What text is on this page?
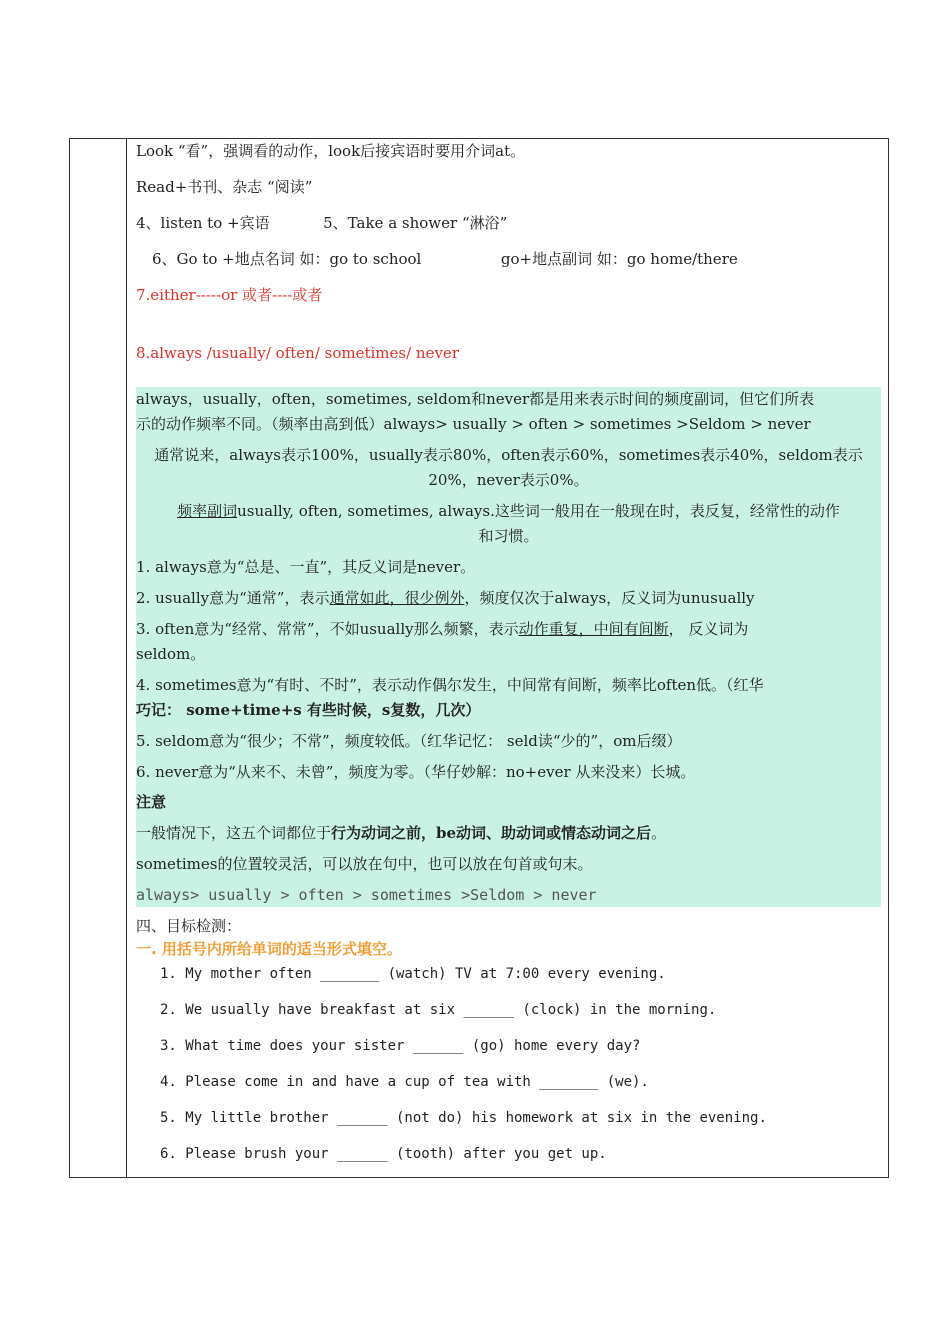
Look “看”，强调看的动作，look后接宾语时要用介词at。
Read+书刊、杂志 “阅读”
4、listen to +宾语	5、Take a shower “淋浴”
6、Go to +地点名词 如：go to school	go+地点副词 如：go home/there
7.either-----or 或者----或者
8.always /usually/ often/ sometimes/ never
always，usually，often，sometimes, seldom和never都是用来表示时间的频度副词，但它们所表
示的动作频率不同。（频率由高到低）always> usually > often > sometimes >Seldom > never
通常说来，always表示100%，usually表示80%，often表示60%，sometimes表示40%，seldom表示
20%，never表示0%。
频率副词usually, often, sometimes, always.这些词一般用在一般现在时，表反复，经常性的动作
和习惯。
1. always意为“总是、一直”，其反义词是never。
2. usually意为“通常”，表示通常如此，很少例外，频度仅次于always，反义词为unusually
3. often意为“经常、常常”，不如usually那么频繁，表示动作重复，中间有间断， 反义词为
seldom。
4. sometimes意为“有时、不时”，表示动作偶尔发生，中间常有间断，频率比often低。（红华
巧记： some+time+s 有些时候，s复数，几次）
5. seldom意为“很少；不常”，频度较低。（红华记忆： seld读“少的”，om后缀）
6. never意为“从来不、未曾”，频度为零。（华仔妙解：no+ever 从来没来）长城。
注意
一般情况下，这五个词都位于行为动词之前，be动词、助动词或情态动词之后。
sometimes的位置较灵活，可以放在句中，也可以放在句首或句末。
always> usually > often > sometimes >Seldom > never
四、目标检测：
一. 用括号内所给单词的适当形式填空。
1. My mother often _______ (watch) TV at 7:00 every evening.
2. We usually have breakfast at six ______ (clock) in the morning.
3. What time does your sister ______ (go) home every day?
4. Please come in and have a cup of tea with _______ (we).
5. My little brother ______ (not do) his homework at six in the evening.
6. Please brush your ______ (tooth) after you get up.
